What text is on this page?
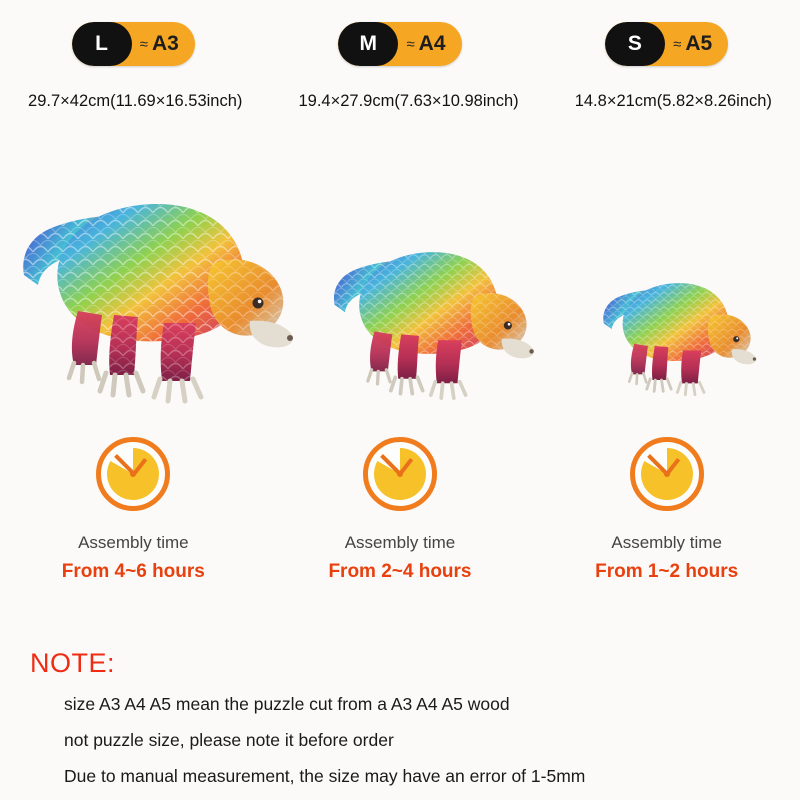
L	≈ A3	M	≈ A4	S	≈ A5
29.7×42cm(11.69×16.53inch)	19.4×27.9cm(7.63×10.98inch)	14.8×21cm(5.82×8.26inch)
Assembly time
From 4~6 hours
Assembly time
From 2~4 hours
Assembly time
From 1~2 hours
NOTE:
size A3 A4 A5 mean the puzzle cut from a A3 A4 A5 wood
not puzzle size, please note it before order
Due to manual measurement, the size may have an error of 1-5mm
